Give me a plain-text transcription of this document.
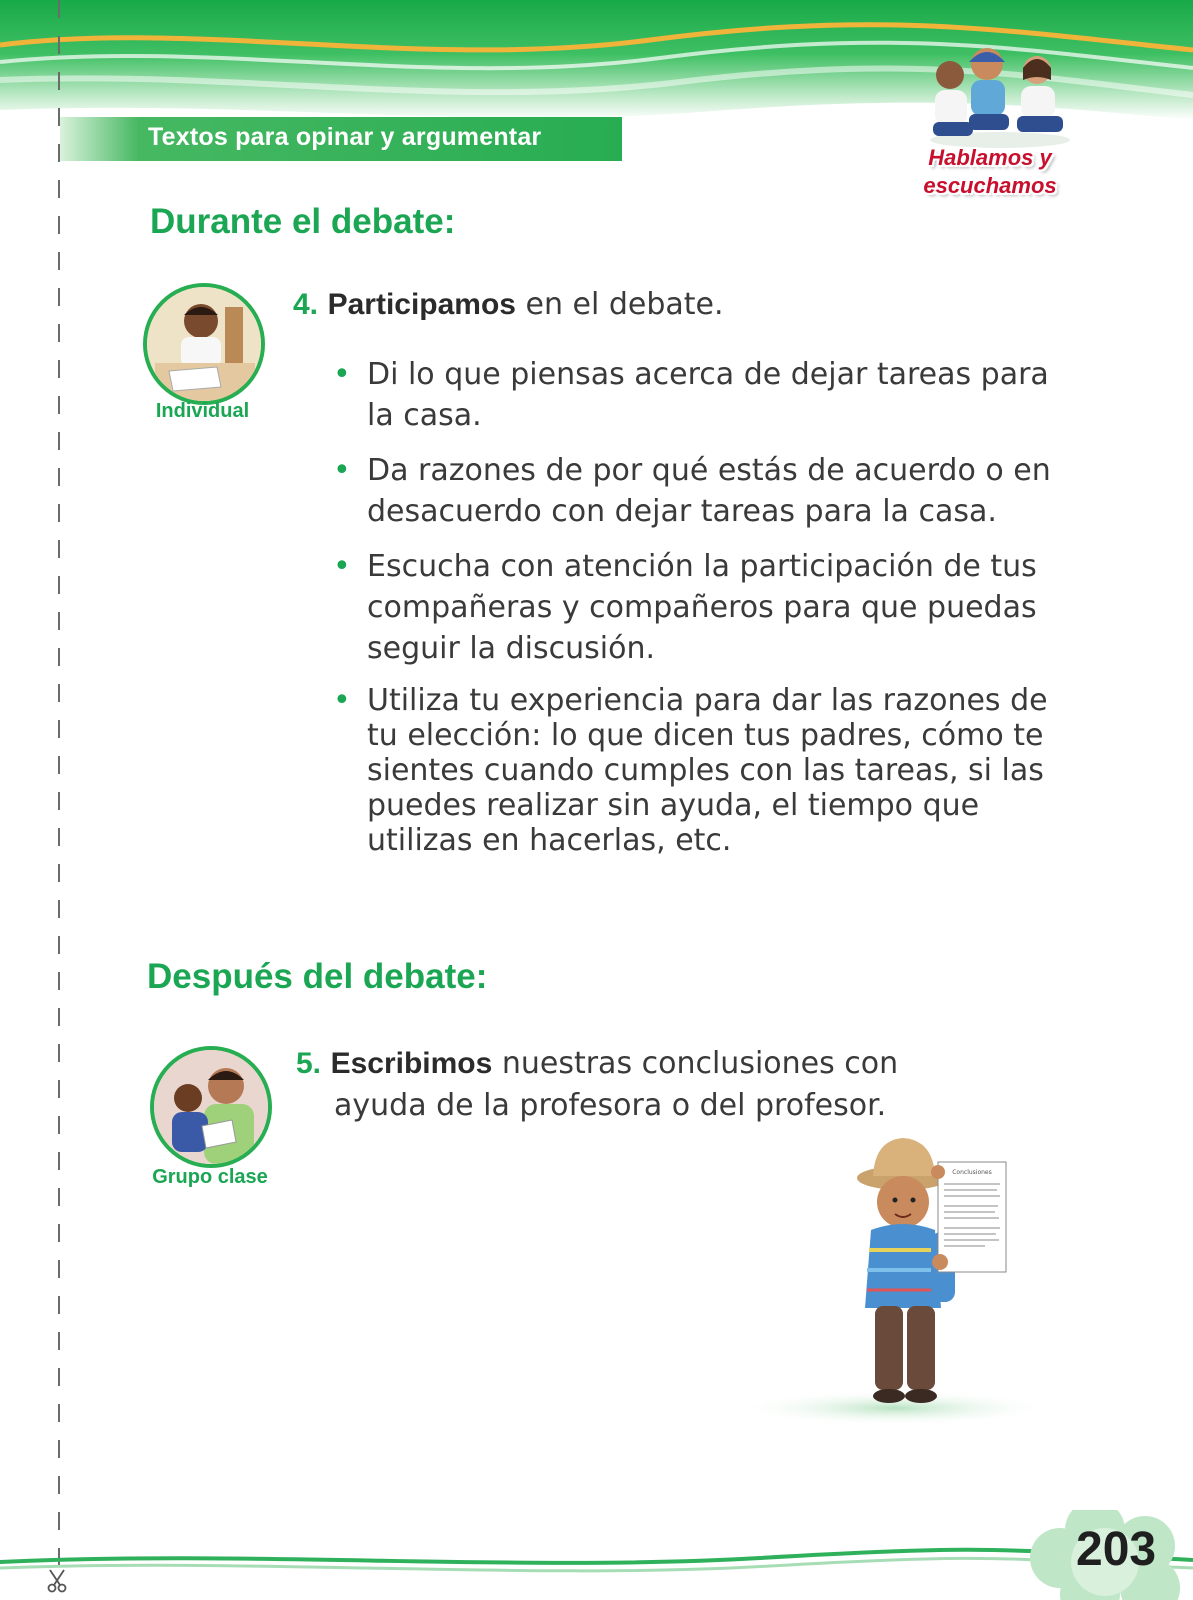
Textos para opinar y argumentar
Hablamos y
escuchamos
Durante el debate:
Individual
4. Participamos en el debate.
• Di lo que piensas acerca de dejar tareas para la casa.
• Da razones de por qué estás de acuerdo o en desacuerdo con dejar tareas para la casa.
• Escucha con atención la participación de tus compañeras y compañeros para que puedas seguir la discusión.
• Utiliza tu experiencia para dar las razones de tu elección: lo que dicen tus padres, cómo te sientes cuando cumples con las tareas, si las puedes realizar sin ayuda, el tiempo que utilizas en hacerlas, etc.
Después del debate:
Grupo clase
5. Escribimos nuestras conclusiones con
ayuda de la profesora o del profesor.
Conclusiones
203
